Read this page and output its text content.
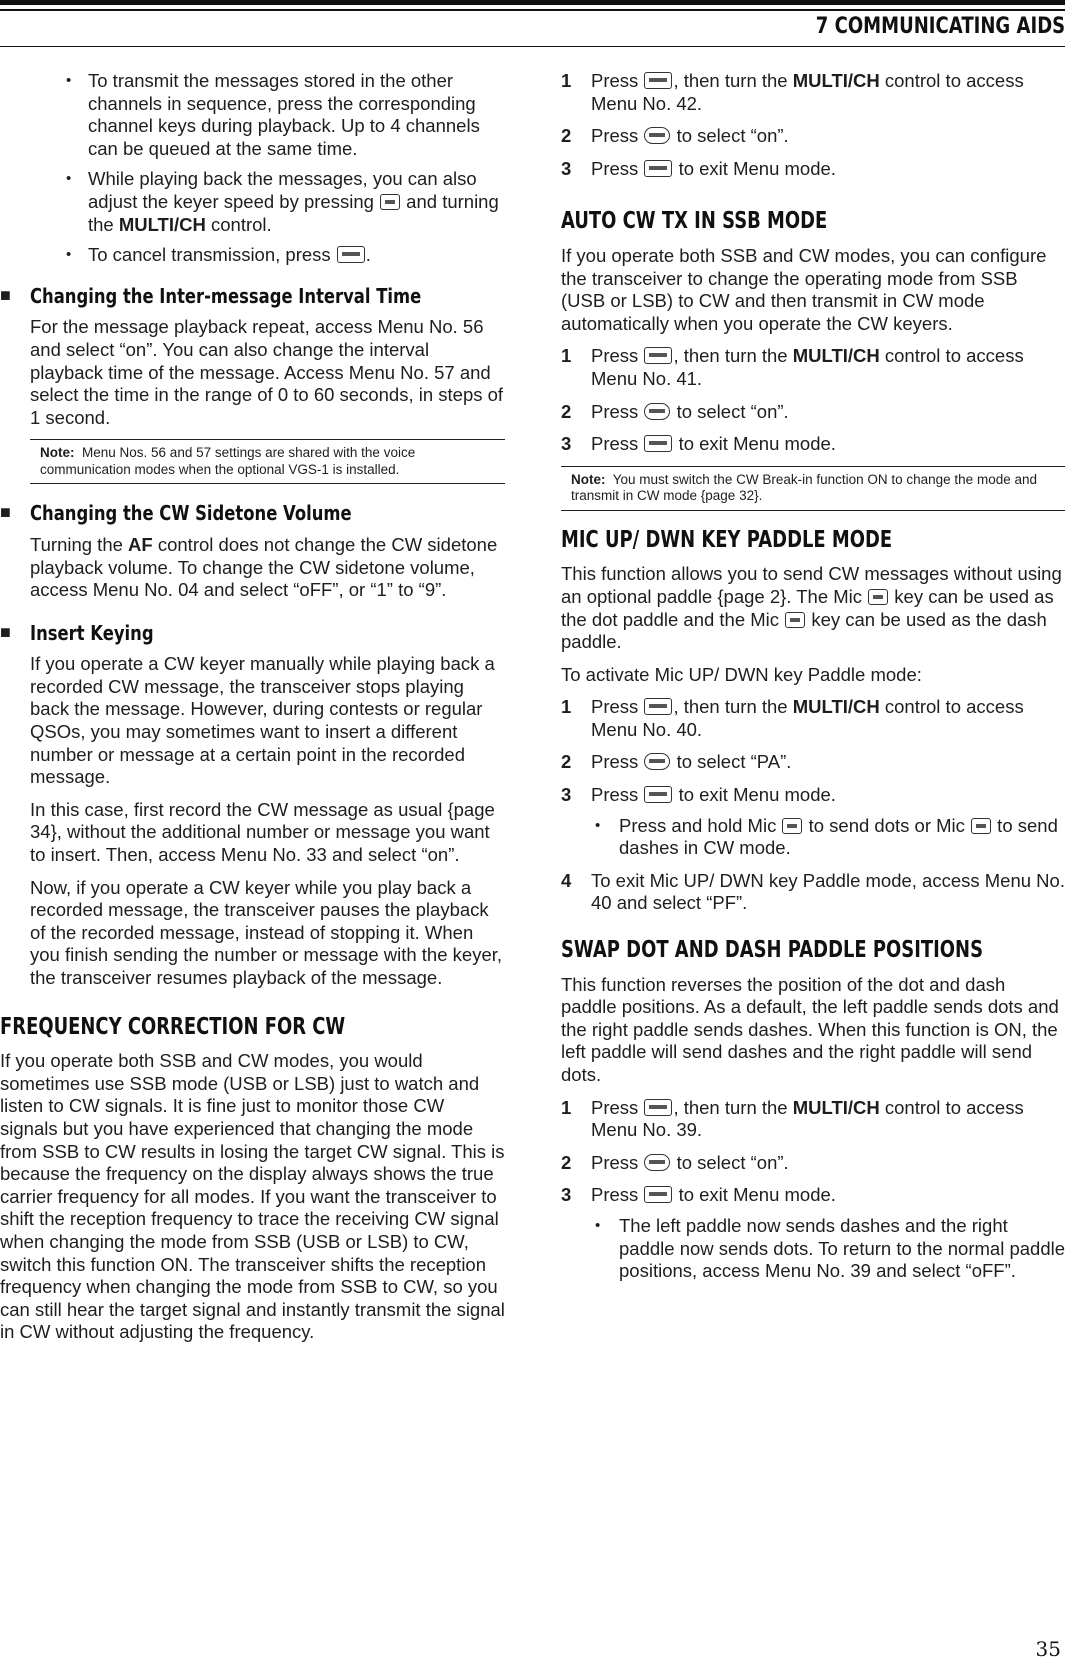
7 COMMUNICATING AIDS
• To transmit the messages stored in the other channels in sequence, press the corresponding channel keys during playback. Up to 4 channels can be queued at the same time.
• While playing back the messages, you can also adjust the keyer speed by pressing  and turning the MULTI/CH control.
• To cancel transmission, press .
■ Changing the Inter-message Interval Time

For the message playback repeat, access Menu No. 56 and select “on”. You can also change the interval playback time of the message. Access Menu No. 57 and select the time in the range of 0 to 60 seconds, in steps of 1 second.

Note: Menu Nos. 56 and 57 settings are shared with the voice communication modes when the optional VGS-1 is installed.
■ Changing the CW Sidetone Volume

Turning the AF control does not change the CW sidetone playback volume. To change the CW sidetone volume, access Menu No. 04 and select “oFF”, or “1” to “9”.

■ Insert Keying

If you operate a CW keyer manually while playing back a recorded CW message, the transceiver stops playing back the message. However, during contests or regular QSOs, you may sometimes want to insert a different number or message at a certain point in the recorded message.

In this case, first record the CW message as usual {page 34}, without the additional number or message you want to insert. Then, access Menu No. 33 and select “on”.

Now, if you operate a CW keyer while you play back a recorded message, the transceiver pauses the playback of the recorded message, instead of stopping it. When you finish sending the number or message with the keyer, the transceiver resumes playback of the message.

FREQUENCY CORRECTION FOR CW

If you operate both SSB and CW modes, you would sometimes use SSB mode (USB or LSB) just to watch and listen to CW signals. It is fine just to monitor those CW signals but you have experienced that changing the mode from SSB to CW results in losing the target CW signal. This is because the frequency on the display always shows the true carrier frequency for all modes. If you want the transceiver to shift the reception frequency to trace the receiving CW signal when changing the mode from SSB (USB or LSB) to CW, switch this function ON. The transceiver shifts the reception frequency when changing the mode from SSB to CW, so you can still hear the target signal and instantly transmit the signal in CW without adjusting the frequency.

1 Press , then turn the MULTI/CH control to access Menu No. 42.
2 Press  to select “on”.
3 Press  to exit Menu mode.
AUTO CW TX IN SSB MODE

If you operate both SSB and CW modes, you can configure the transceiver to change the operating mode from SSB (USB or LSB) to CW and then transmit in CW mode automatically when you operate the CW keyers.

1 Press , then turn the MULTI/CH control to access Menu No. 41.
2 Press  to select “on”.
3 Press  to exit Menu mode.
Note: You must switch the CW Break-in function ON to change the mode and transmit in CW mode {page 32}.
MIC UP/ DWN KEY PADDLE MODE

This function allows you to send CW messages without using an optional paddle {page 2}. The Mic  key can be used as the dot paddle and the Mic  key can be used as the dash paddle.

To activate Mic UP/ DWN key Paddle mode:

1 Press , then turn the MULTI/CH control to access Menu No. 40.
2 Press  to select “PA”.
3 Press  to exit Menu mode.
• Press and hold Mic  to send dots or Mic  to send dashes in CW mode.
4 To exit Mic UP/ DWN key Paddle mode, access Menu No. 40 and select “PF”.
SWAP DOT AND DASH PADDLE POSITIONS

This function reverses the position of the dot and dash paddle positions. As a default, the left paddle sends dots and the right paddle sends dashes. When this function is ON, the left paddle will send dashes and the right paddle will send dots.

1 Press , then turn the MULTI/CH control to access Menu No. 39.
2 Press  to select “on”.
3 Press  to exit Menu mode.
• The left paddle now sends dashes and the right paddle now sends dots. To return to the normal paddle positions, access Menu No. 39 and select “oFF”.
35
